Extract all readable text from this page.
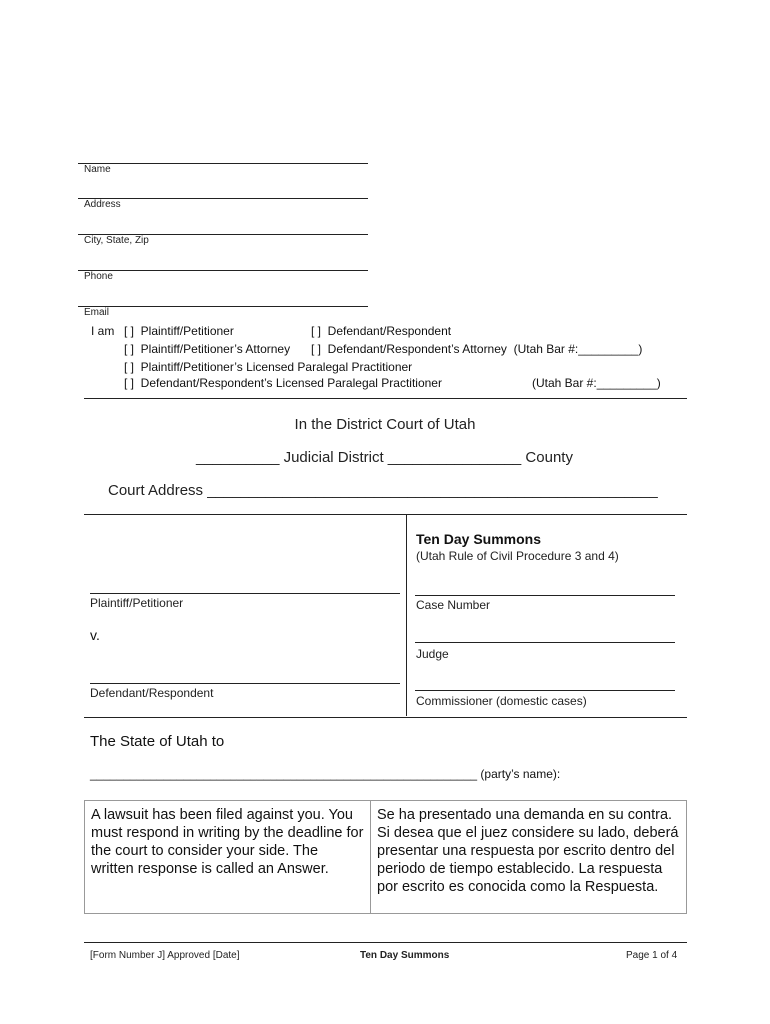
Name
Address
City, State, Zip
Phone
Email
I am [ ]  Plaintiff/Petitioner	[ ]  Defendant/Respondent
[ ]  Plaintiff/Petitioner’s Attorney [ ]  Defendant/Respondent’s Attorney  (Utah Bar #:_________)
[ ]  Plaintiff/Petitioner’s Licensed Paralegal Practitioner
[ ]  Defendant/Respondent’s Licensed Paralegal Practitioner	(Utah Bar #:_________)
In the District Court of Utah
__________ Judicial District ________________ County
Court Address ______________________________________________________
Ten Day Summons
(Utah Rule of Civil Procedure 3 and 4)
Plaintiff/Petitioner
v.
Defendant/Respondent
Case Number
Judge
Commissioner (domestic cases)
The State of Utah to
__________________________________________________________ (party’s name):
A lawsuit has been filed against you. You must respond in writing by the deadline for the court to consider your side. The written response is called an Answer.
Se ha presentado una demanda en su contra. Si desea que el juez considere su lado, deberá presentar una respuesta por escrito dentro del periodo de tiempo establecido. La respuesta por escrito es conocida como la Respuesta.
[Form Number J] Approved [Date]	Ten Day Summons	Page 1 of 4
